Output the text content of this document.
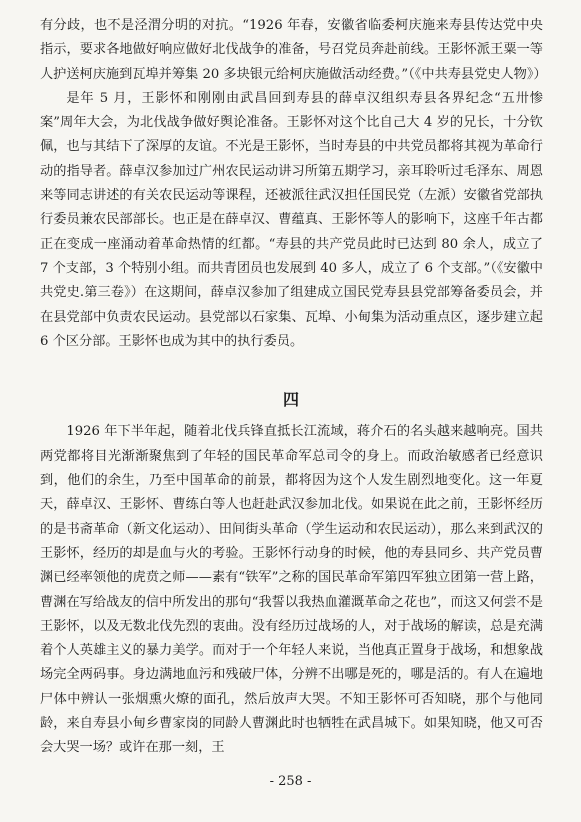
有分歧，也不是泾渭分明的对抗。“1926 年春，安徽省临委柯庆施来寿县传达党中央指示，要求各地做好响应做好北伐战争的准备，号召党员奔赴前线。王影怀派王粟一等人护送柯庆施到瓦埠并筹集 20 多块银元给柯庆施做活动经费。”（《中共寿县党史人物》）

是年 5 月，王影怀和刚刚由武昌回到寿县的薛卓汉组织寿县各界纪念“五卅惨案”周年大会，为北伐战争做好舆论准备。王影怀对这个比自己大 4 岁的兄长，十分钦佩，也与其结下了深厚的友谊。不光是王影怀，当时寿县的中共党员都将其视为革命行动的指导者。薛卓汉参加过广州农民运动讲习所第五期学习，亲耳聆听过毛泽东、周恩来等同志讲述的有关农民运动等课程，还被派往武汉担任国民党（左派）安徽省党部执行委员兼农民部部长。也正是在薛卓汉、曹蕴真、王影怀等人的影响下，这座千年古都正在变成一座涌动着革命热情的红都。“寿县的共产党员此时已达到 80 余人，成立了 7 个支部，3 个特别小组。而共青团员也发展到 40 多人，成立了 6 个支部。”（《安徽中共党史.第三卷》）在这期间，薛卓汉参加了组建成立国民党寿县县党部筹备委员会，并在县党部中负责农民运动。县党部以石家集、瓦埠、小甸集为活动重点区，逐步建立起 6 个区分部。王影怀也成为其中的执行委员。

四

1926 年下半年起，随着北伐兵锋直抵长江流域，蒋介石的名头越来越响亮。国共两党都将目光渐渐聚焦到了年轻的国民革命军总司令的身上。而政治敏感者已经意识到，他们的余生，乃至中国革命的前景，都将因为这个人发生剧烈地变化。这一年夏天，薛卓汉、王影怀、曹练白等人也赶赴武汉参加北伐。如果说在此之前，王影怀经历的是书斋革命（新文化运动）、田间街头革命（学生运动和农民运动），那么来到武汉的王影怀，经历的却是血与火的考验。王影怀行动身的时候，他的寿县同乡、共产党员曹渊已经率领他的虎贲之师——素有“铁军”之称的国民革命军第四军独立团第一营上路，曹渊在写给战友的信中所发出的那句“我誓以我热血灌溉革命之花也”，而这又何尝不是王影怀，以及无数北伐先烈的衷曲。没有经历过战场的人，对于战场的解读，总是充满着个人英雄主义的暴力美学。而对于一个年轻人来说，当他真正置身于战场，和想象战场完全两码事。身边满地血污和残破尸体，分辨不出哪是死的，哪是活的。有人在遍地尸体中辨认一张烟熏火燎的面孔，然后放声大哭。不知王影怀可否知晓，那个与他同龄，来自寿县小甸乡曹家岗的同龄人曹渊此时也牺牲在武昌城下。如果知晓，他又可否会大哭一场？或许在那一刻，王

- 258 -
